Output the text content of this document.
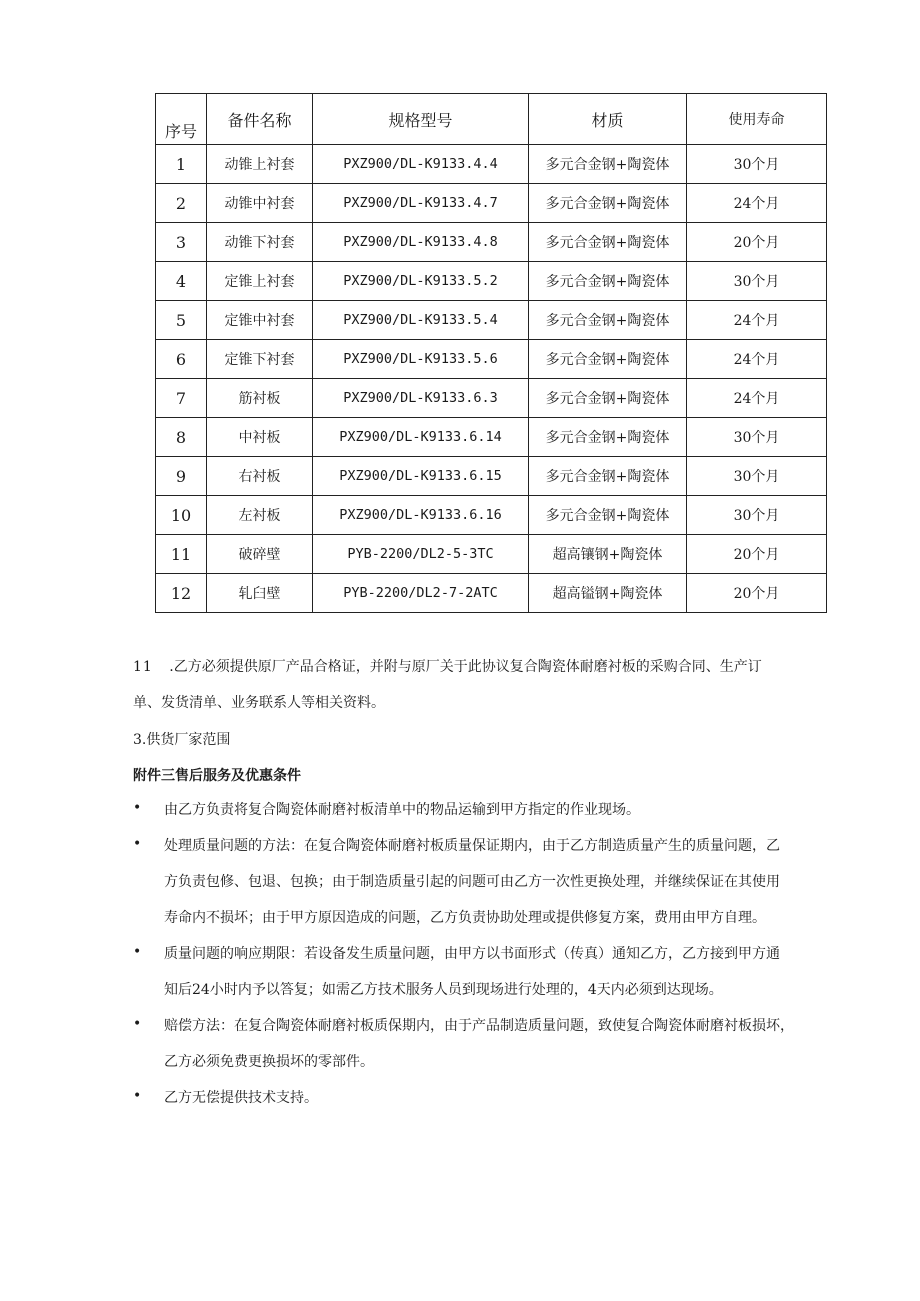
序号	备件名称	规格型号	材质	使用寿命
1	动锥上衬套	PXZ900/DL-K9133.4.4	多元合金钢+陶瓷体	30个月
2	动锥中衬套	PXZ900/DL-K9133.4.7	多元合金钢+陶瓷体	24个月
3	动锥下衬套	PXZ900/DL-K9133.4.8	多元合金钢+陶瓷体	20个月
4	定锥上衬套	PXZ900/DL-K9133.5.2	多元合金钢+陶瓷体	30个月
5	定锥中衬套	PXZ900/DL-K9133.5.4	多元合金钢+陶瓷体	24个月
6	定锥下衬套	PXZ900/DL-K9133.5.6	多元合金钢+陶瓷体	24个月
7	筋衬板	PXZ900/DL-K9133.6.3	多元合金钢+陶瓷体	24个月
8	中衬板	PXZ900/DL-K9133.6.14	多元合金钢+陶瓷体	30个月
9	右衬板	PXZ900/DL-K9133.6.15	多元合金钢+陶瓷体	30个月
10	左衬板	PXZ900/DL-K9133.6.16	多元合金钢+陶瓷体	30个月
11	破碎壁	PYB-2200/DL2-5-3TC	超高镶钢+陶瓷体	20个月
12	轧臼壁	PYB-2200/DL2-7-2ATC	超高镒钢+陶瓷体	20个月
11 .乙方必须提供原厂产品合格证，并附与原厂关于此协议复合陶瓷体耐磨衬板的采购合同、生产订
单、发货清单、业务联系人等相关资料。
3.供货厂家范围
附件三售后服务及优惠条件
• 由乙方负责将复合陶瓷体耐磨衬板清单中的物品运输到甲方指定的作业现场。
• 处理质量问题的方法：在复合陶瓷体耐磨衬板质量保证期内，由于乙方制造质量产生的质量问题，乙
方负责包修、包退、包换；由于制造质量引起的问题可由乙方一次性更换处理，并继续保证在其使用
寿命内不损坏；由于甲方原因造成的问题，乙方负责协助处理或提供修复方案，费用由甲方自理。
• 质量问题的响应期限：若设备发生质量问题，由甲方以书面形式（传真）通知乙方，乙方接到甲方通
知后24小时内予以答复；如需乙方技术服务人员到现场进行处理的，4天内必须到达现场。
• 赔偿方法：在复合陶瓷体耐磨衬板质保期内，由于产品制造质量问题，致使复合陶瓷体耐磨衬板损坏，
乙方必须免费更换损坏的零部件。
• 乙方无偿提供技术支持。
